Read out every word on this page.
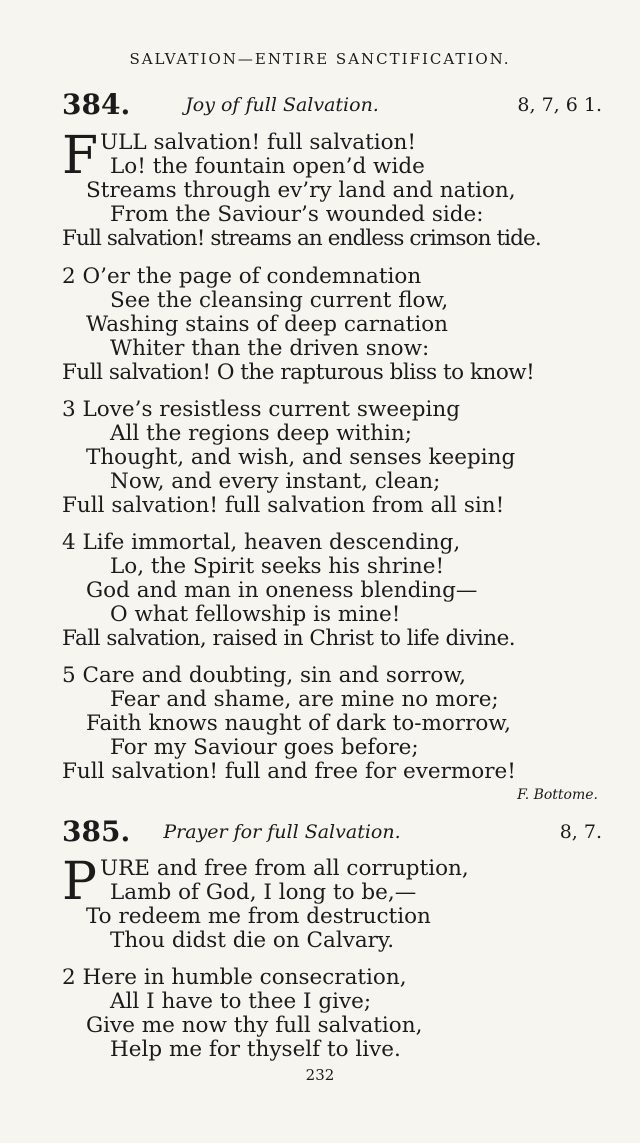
SALVATION—ENTIRE SANCTIFICATION.
384.	Joy of full Salvation.	8, 7, 6 1.
F ULL salvation! full salvation!
Lo! the fountain open’d wide
Streams through ev’ry land and nation,
From the Saviour’s wounded side:
Full salvation! streams an endless crimson tide.
2 O’er the page of condemnation
See the cleansing current flow,
Washing stains of deep carnation
Whiter than the driven snow:
Full salvation! O the rapturous bliss to know!
3 Love’s resistless current sweeping
All the regions deep within;
Thought, and wish, and senses keeping
Now, and every instant, clean;
Full salvation! full salvation from all sin!
4 Life immortal, heaven descending,
Lo, the Spirit seeks his shrine!
God and man in oneness blending—
O what fellowship is mine!
Fall salvation, raised in Christ to life divine.
5 Care and doubting, sin and sorrow,
Fear and shame, are mine no more;
Faith knows naught of dark to-morrow,
For my Saviour goes before;
Full salvation! full and free for evermore!
F. Bottome.
385.	Prayer for full Salvation.	8, 7.
P URE and free from all corruption,
Lamb of God, I long to be,—
To redeem me from destruction
Thou didst die on Calvary.
2 Here in humble consecration,
All I have to thee I give;
Give me now thy full salvation,
Help me for thyself to live.
232
